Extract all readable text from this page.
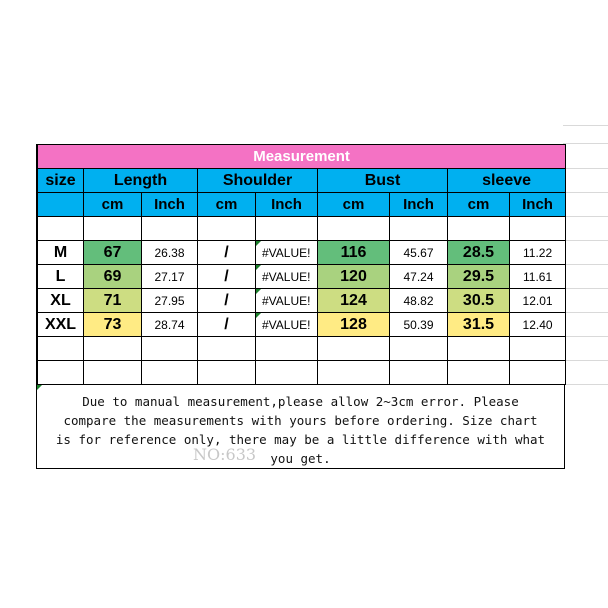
Measurement								
size	Length		Shoulder		Bust		sleeve	
	cm	Inch	cm	Inch	cm	Inch	cm	Inch

M	67	26.38	/	#VALUE!	116	45.67	28.5	11.22
L	69	27.17	/	#VALUE!	120	47.24	29.5	11.61
XL	71	27.95	/	#VALUE!	124	48.82	30.5	12.01
XXL	73	28.74	/	#VALUE!	128	50.39	31.5	12.40

Due to manual measurement,please allow 2~3cm error. Please
compare the measurements with yours before ordering. Size chart
is for reference only, there may be a little difference with what
you get.
NO:633
